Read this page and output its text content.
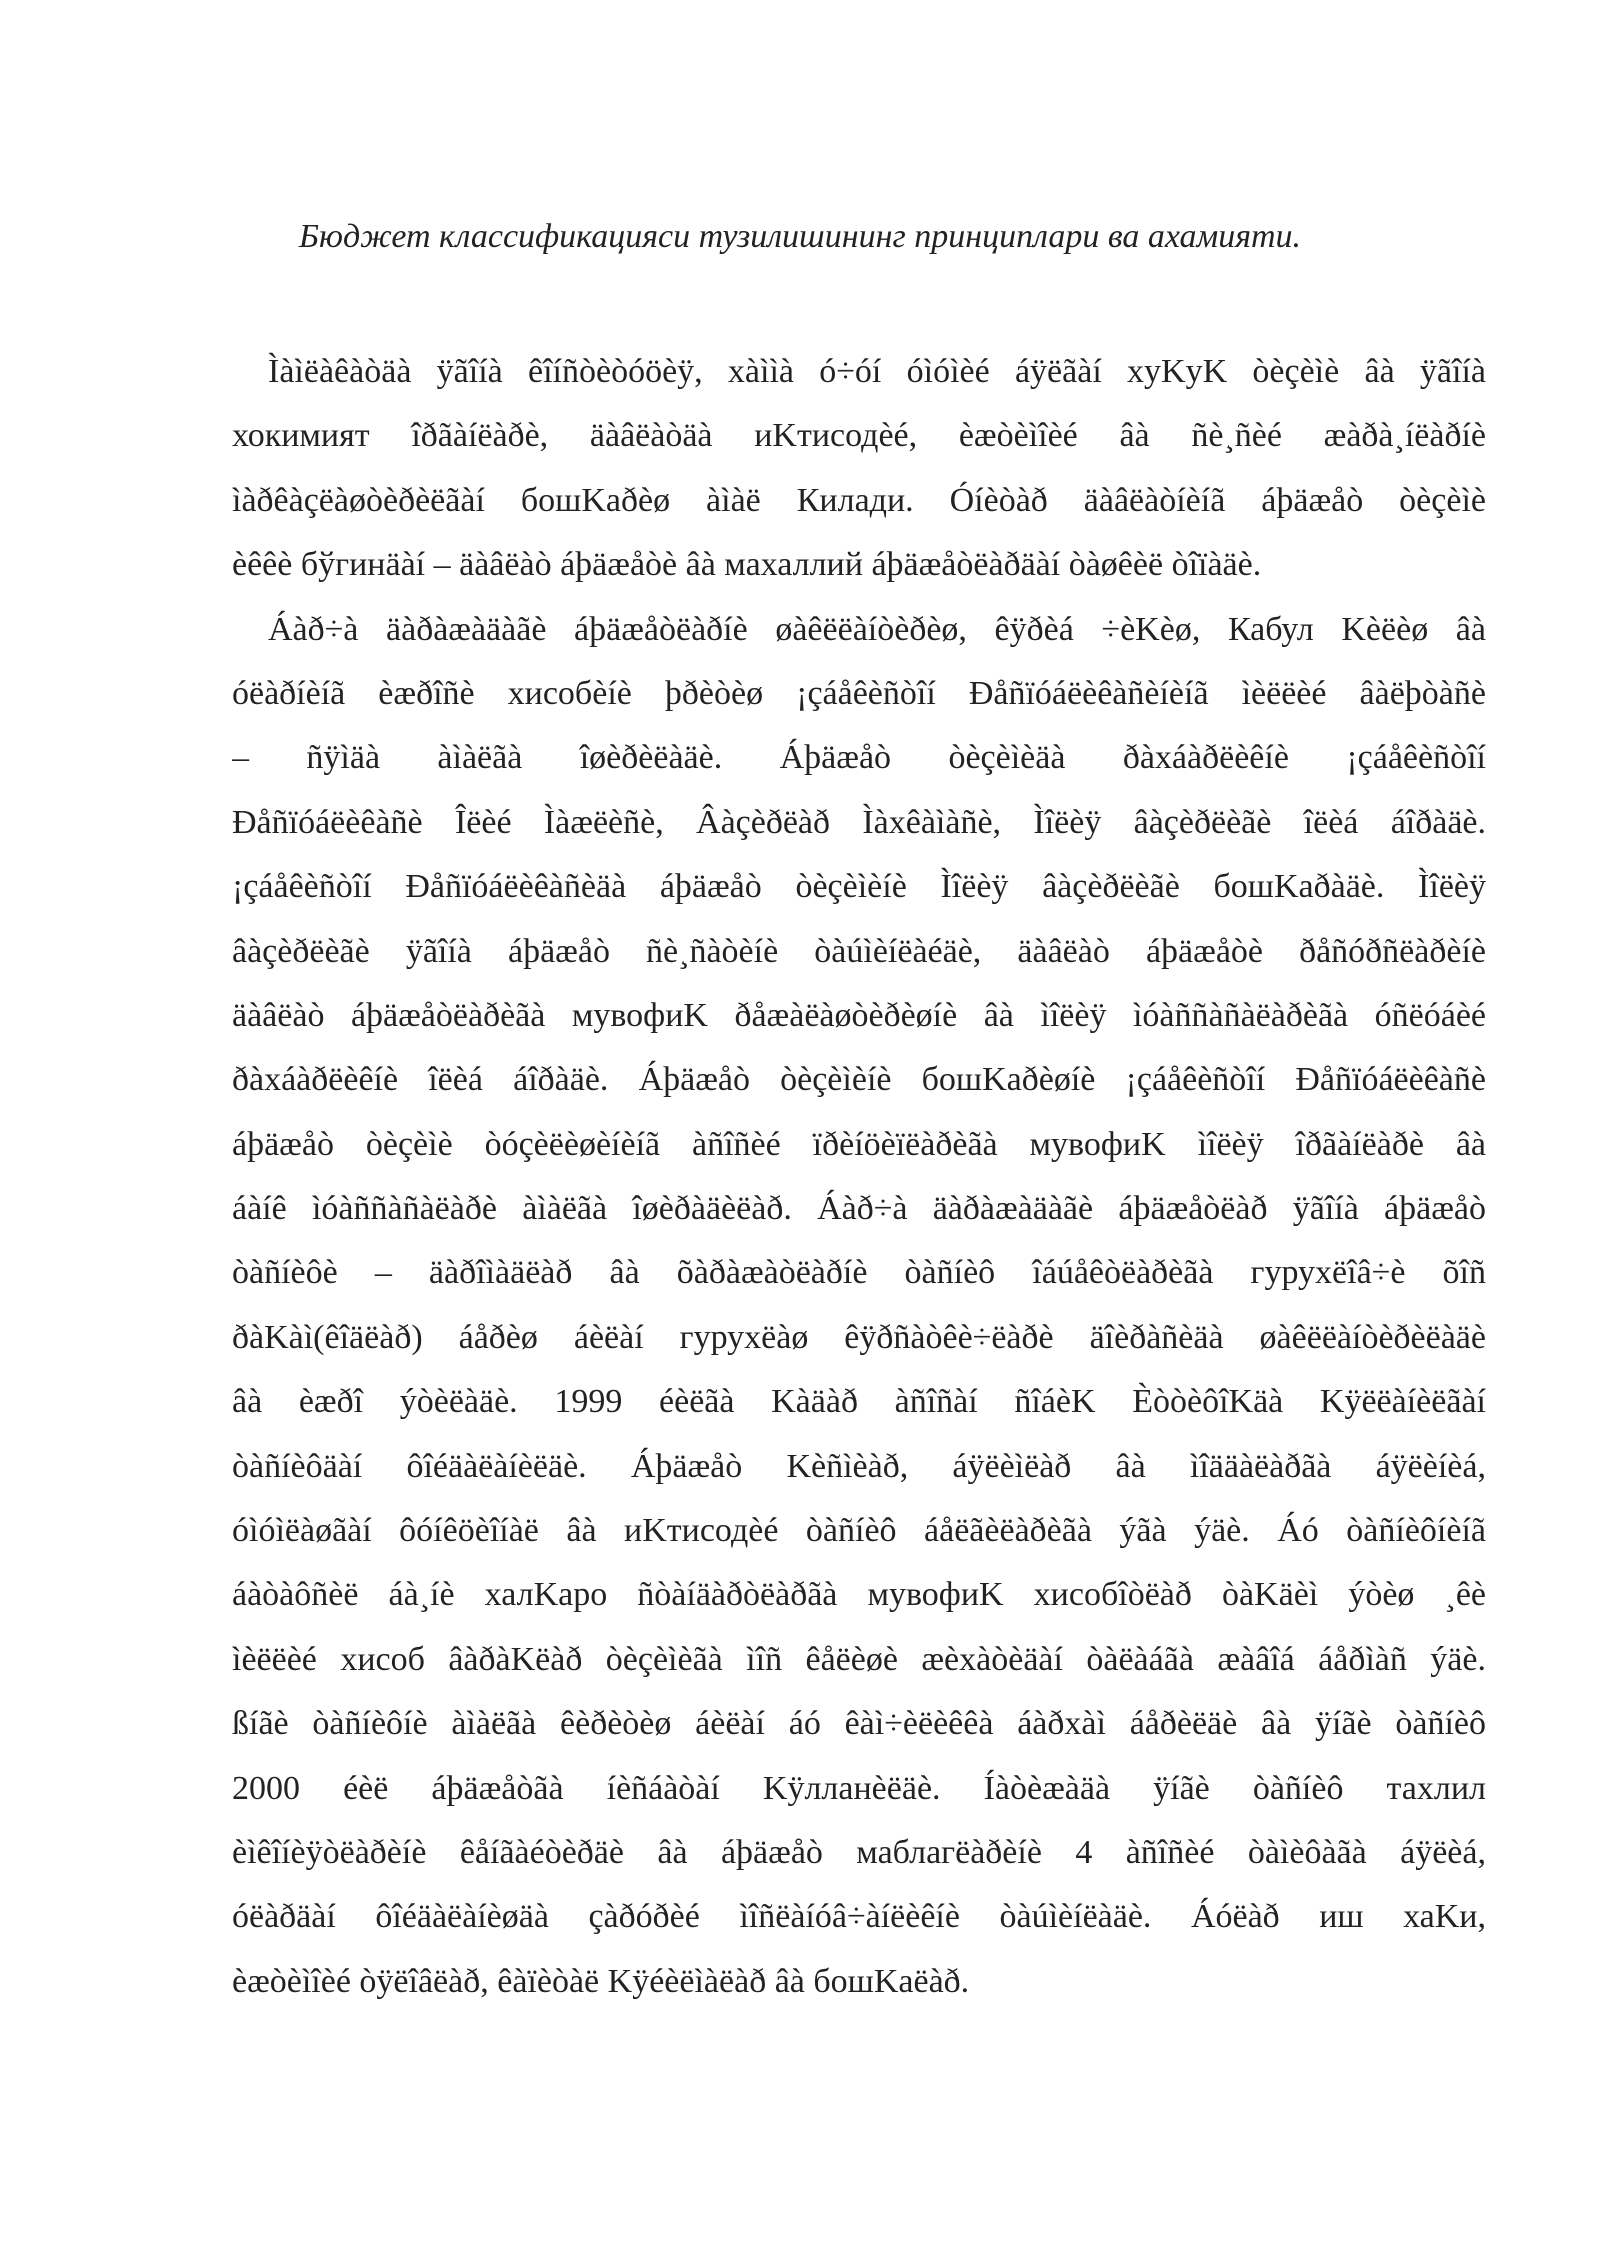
Бюджет классификацияси тузилишининг принциплари ва ахамияти.
Ìàìëàêàòäà ÿãîíà êîíñòèòóöèÿ, xàììà ó÷óí óìóìèé áÿëãàí xyKyK òèçèìè âà ÿãîíà
хокимият îðãàíëàðè, äàâëàòäà иKтисодèé, èæòèìîèé âà ñè¸ñèé æàðà¸íëàðíè
ìàðêàçëàøòèðèëãàí бошKаðèø àìàë Килади. Óíèòàð äàâëàòíèíã áþäæåò òèçèìè
èêêè бўгинäàí – äàâëàò áþäæåòè âà махаллий áþäæåòëàðäàí òàøêèë òîïàäè.
Áàð÷à äàðàæàäàãè áþäæåòëàðíè øàêëëàíòèðèø, êÿðèá ÷èKèø, Кабул Kèëèø âà
óëàðíèíã èæðîñè хисобèíè þðèòèø ¡çáåêèñòîí Ðåñïóáëèêàñèíèíã ìèëëèé âàëþòàñè
– ñÿìäà àìàëãà îøèðèëàäè. Áþäæåò òèçèìèäà ðàxáàðëèêíè ¡çáåêèñòîí
Ðåñïóáëèêàñè Îëèé Ìàæëèñè, Âàçèðëàð Ìàxêàìàñè, Ìîëèÿ âàçèðëèãè îëèá áîðàäè.
¡çáåêèñòîí Ðåñïóáëèêàñèäà áþäæåò òèçèìèíè Ìîëèÿ âàçèðëèãè бошKаðàäè. Ìîëèÿ
âàçèðëèãè ÿãîíà áþäæåò ñè¸ñàòèíè òàúìèíëàéäè, äàâëàò áþäæåòè ðåñóðñëàðèíè
äàâëàò áþäæåòëàðèãà мувофиK ðåæàëàøòèðèøíè âà ìîëèÿ ìóàññàñàëàðèãà óñëóáèé
ðàxáàðëèêíè îëèá áîðàäè. Áþäæåò òèçèìèíè бошKаðèøíè ¡çáåêèñòîí Ðåñïóáëèêàñè
áþäæåò òèçèìè òóçèëèøèíèíã àñîñèé ïðèíöèïëàðèãà мувофиK ìîëèÿ îðãàíëàðè âà
áàíê ìóàññàñàëàðè àìàëãà îøèðàäèëàð. Áàð÷à äàðàæàäàãè áþäæåòëàð ÿãîíà áþäæåò
òàñíèôè – äàðîìàäëàð âà õàðàæàòëàðíè òàñíèô îáúåêòëàðèãà гуруxëîâ÷è õîñ
ðàKàì(êîäëàð) áåðèø áèëàí гуруxëàø êÿðñàòêè÷ëàðè äîèðàñèäà øàêëëàíòèðèëàäè
âà èæðî ýòèëàäè. 1999 éèëãà Kàäàð àñîñàí ñîáèK ÈòòèôîKäà Kÿëëàíèëãàí
òàñíèôäàí ôîéäàëàíèëäè. Áþäæåò Kèñìèàð, áÿëèìëàð âà ìîääàëàðãà áÿëèíèá,
óìóìëàøãàí ôóíêöèîíàë âà иKтисодèé òàñíèô áåëãèëàðèãà ýãà ýäè. Áó òàñíèôíèíã
áàòàôñèë áà¸íè халKаро ñòàíäàðòëàðãà мувофиK хисобîòëàð òàKäèì ýòèø ¸êè
ìèëëèé хисоб âàðàKëàð òèçèìèãà ìîñ êåëèøè æèxàòèäàí òàëàáãà æàâîá áåðìàñ ýäè.
ßíãè òàñíèôíè àìàëãà êèðèòèø áèëàí áó êàì÷èëèêêà áàðxàì áåðèëäè âà ÿíãè òàñíèô
2000 éèë áþäæåòãà íèñáàòàí Kÿлланèëäè. Íàòèæàäà ÿíãè òàñíèô тахлил
èìêîíèÿòëàðèíè êåíãàéòèðäè âà áþäæåò маблагëàðèíè 4 àñîñèé òàìèôàãà áÿëèá,
óëàðäàí ôîéäàëàíèøäà çàðóðèé ìîñëàíóâ÷àíëèêíè òàúìèíëàäè. Áóëàð иш хаKи,
èæòèìîèé òÿëîâëàð, êàïèòàë Kÿéèëìàëàð âà бошKаëàð.
